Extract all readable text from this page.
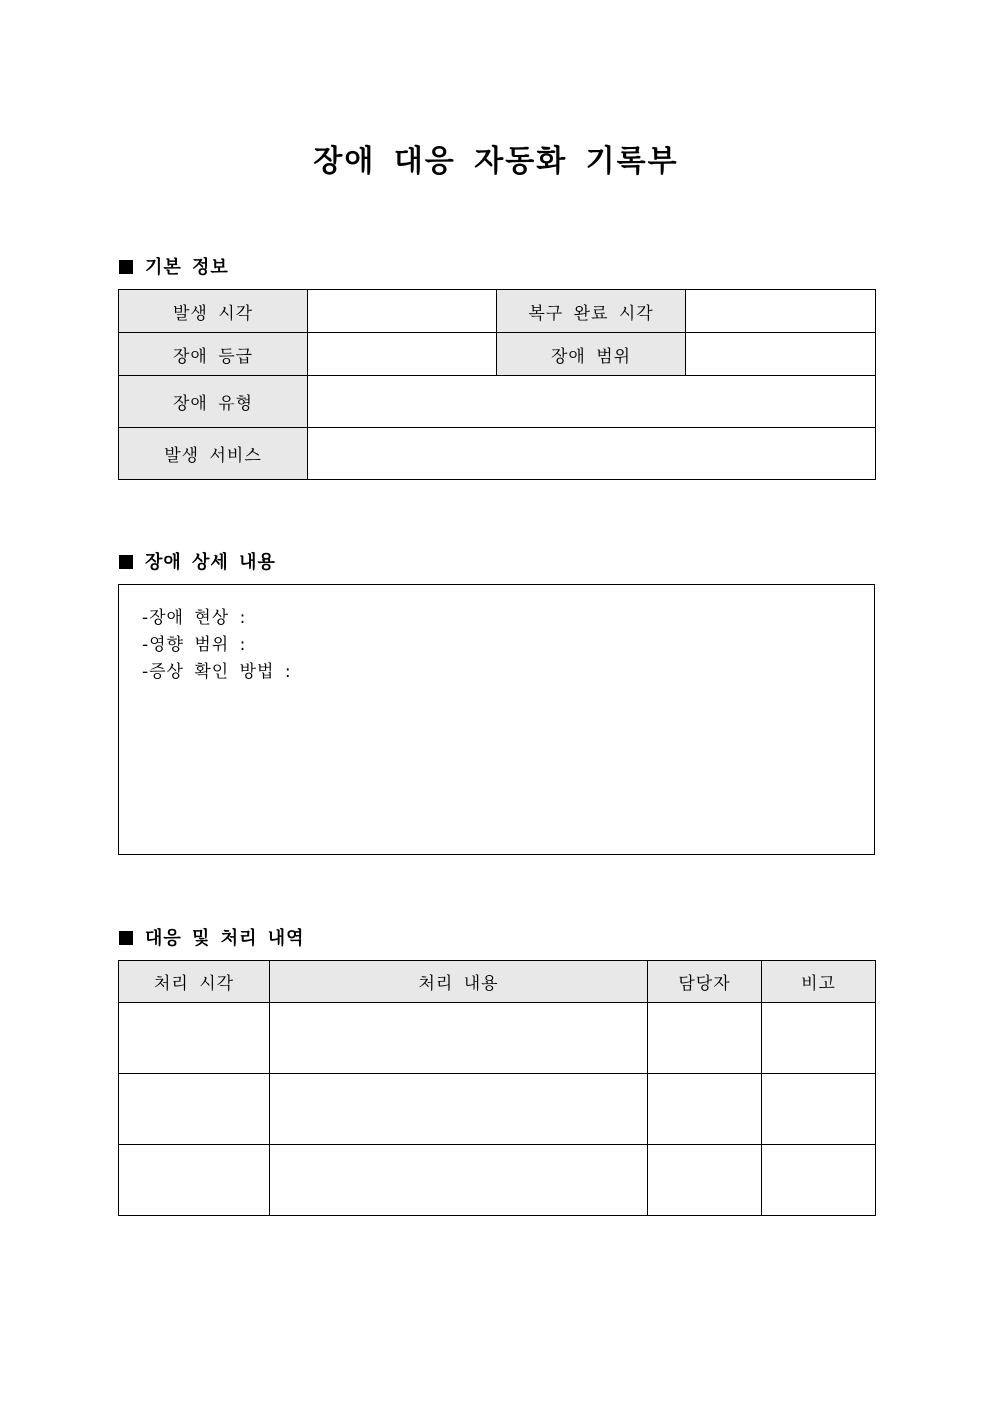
장애 대응 자동화 기록부
기본 정보
발생 시각		복구 완료 시각	
장애 등급		장애 범위	
장애 유형			
발생 서비스			
장애 상세 내용
-장애 현상 :
-영향 범위 :
-증상 확인 방법 :
대응 및 처리 내역
처리 시각	처리 내용	담당자	비고
